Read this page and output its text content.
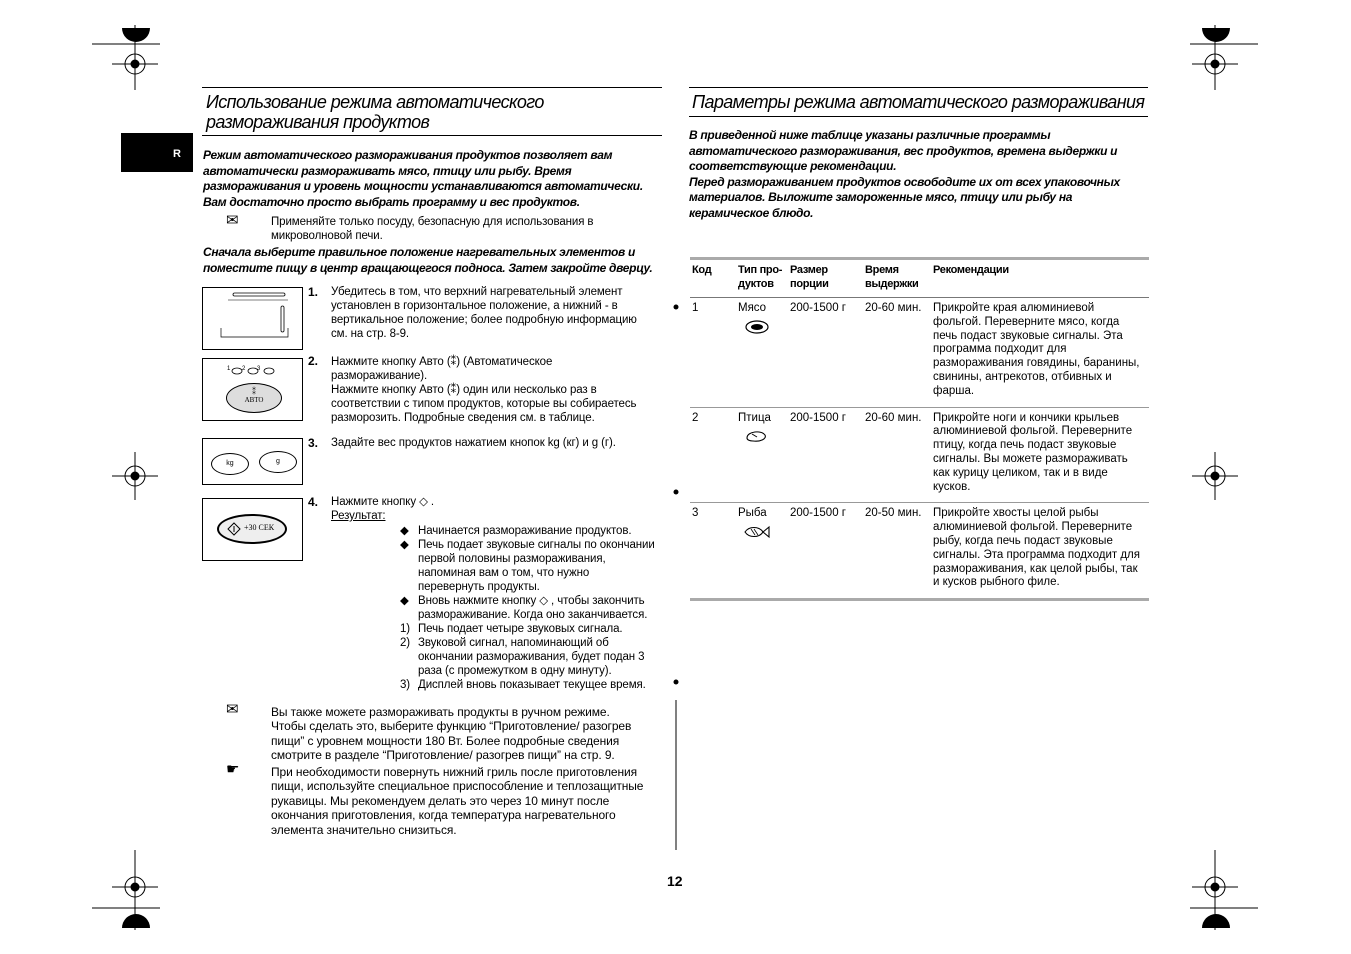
R
Использование режима автоматического
размораживания продуктов
Режим автоматического размораживания продуктов позволяет вам
автоматически размораживать мясо, птицу или рыбу. Время
размораживания и уровень мощности устанавливаются автоматически.
Вам достаточно просто выбрать программу и вес продуктов.
✉	Применяйте только посуду, безопасную для использования в
микроволновой печи.
Сначала выберите правильное положение нагревательных элементов и
поместите пищу в центр вращающегося подноса. Затем закройте дверцу.
1. Убедитесь в том, что верхний нагревательный элемент
установлен в горизонтальное положение, а нижний - в
вертикальное положение; более подробную информацию
см. на стр. 8-9.
1 2 3
⁑
АВТО
2. Нажмите кнопку Авто (⁑) (Автоматическое
размораживание).
Нажмите кнопку Авто (⁑) один или несколько раз в
соответствии с типом продуктов, которые вы собираетесь
разморозить. Подробные сведения см. в таблице.
kg	g
3. Задайте вес продуктов нажатием кнопок kg (кг) и g (г).
+30 СЕК
4. Нажмите кнопку ◇ .
Результат:
◆ Начинается размораживание продуктов.
◆ Печь подает звуковые сигналы по окончании
первой половины размораживания,
напоминая вам о том, что нужно
перевернуть продукты.
◆ Вновь нажмите кнопку ◇ , чтобы закончить
размораживание. Когда оно заканчивается.
1) Печь подает четыре звуковых сигнала.
2) Звуковой сигнал, напоминающий об
окончании размораживания, будет подан 3
раза (с промежутком в одну минуту).
3) Дисплей вновь показывает текущее время.
✉	Вы также можете размораживать продукты в ручном режиме.
Чтобы сделать это, выберите функцию “Приготовление/ разогрев
пищи” с уровнем мощности 180 Вт. Более подробные сведения
смотрите в разделе “Приготовление/ разогрев пищи” на стр. 9.
☛	При необходимости повернуть нижний гриль после приготовления
пищи, используйте специальное приспособление и теплозащитные
рукавицы. Мы рекомендуем делать это через 10 минут после
окончания приготовления, когда температура нагревательного
элемента значительно снизиться.
12
Параметры режима автоматического размораживания
В приведенной ниже таблице указаны различные программы
автоматического размораживания, вес продуктов, времена выдержки и
соответствующие рекомендации.
Перед размораживанием продуктов освободите их от всех упаковочных
материалов. Выложите замороженные мясо, птицу или рыбу на
керамическое блюдо.
Код	Тип про- дуктов	Размер порции	Время выдержки	Рекомендации
1	Мясо	200-1500 г	20-60 мин.	Прикройте края алюминиевой фольгой. Переверните мясо, когда печь подаст звуковые сигналы. Эта программа подходит для размораживания говядины, баранины, свинины, антрекотов, отбивных и фарша.
2	Птица	200-1500 г	20-60 мин.	Прикройте ноги и кончики крыльев алюминиевой фольгой. Переверните птицу, когда печь подаст звуковые сигналы. Вы можете размораживать как курицу целиком, так и в виде кусков.
3	Рыба	200-1500 г	20-50 мин.	Прикройте хвосты целой рыбы алюминиевой фольгой. Переверните рыбу, когда печь подаст звуковые сигналы. Эта программа подходит для размораживания, как целой рыбы, так и кусков рыбного филе.
